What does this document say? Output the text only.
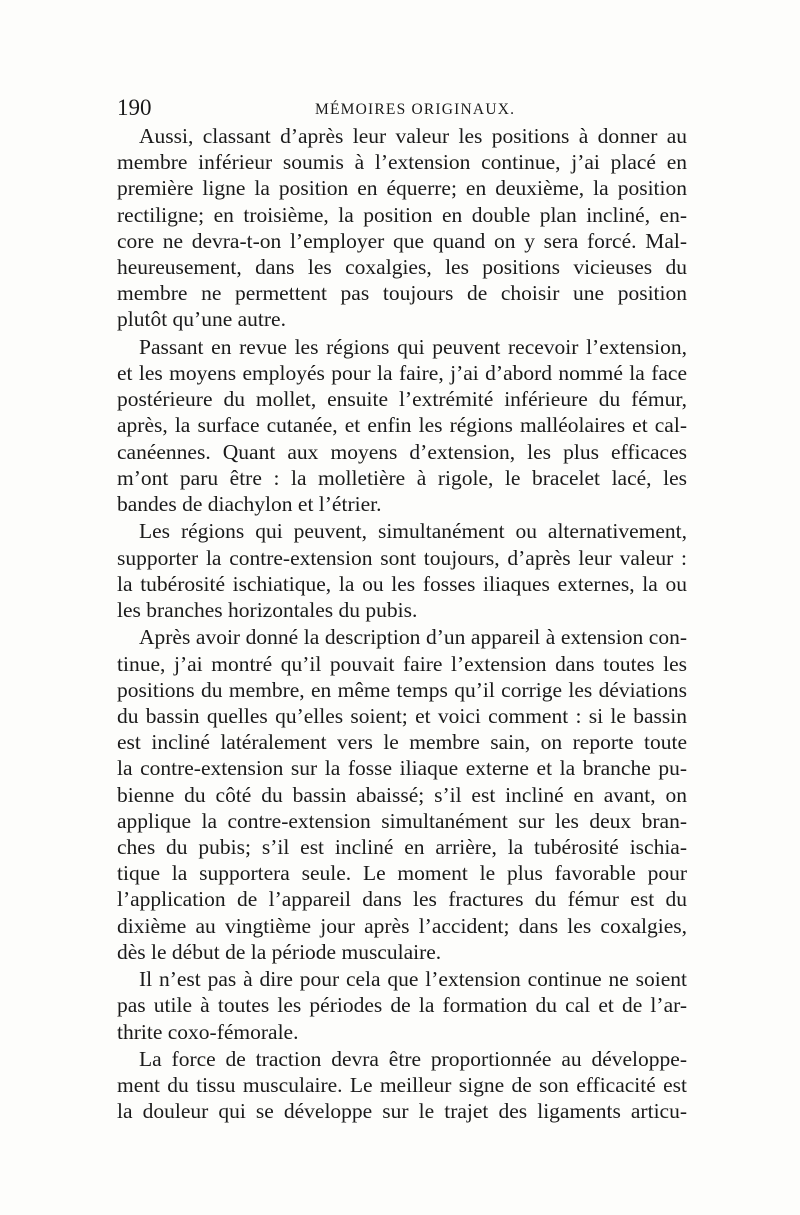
190	MÉMOIRES ORIGINAUX.
Aussi, classant d’après leur valeur les positions à donner au
membre inférieur soumis à l’extension continue, j’ai placé en
première ligne la position en équerre; en deuxième, la position
rectiligne; en troisième, la position en double plan incliné, en-
core ne devra-t-on l’employer que quand on y sera forcé. Mal-
heureusement, dans les coxalgies, les positions vicieuses du
membre ne permettent pas toujours de choisir une position
plutôt qu’une autre.
Passant en revue les régions qui peuvent recevoir l’extension,
et les moyens employés pour la faire, j’ai d’abord nommé la face
postérieure du mollet, ensuite l’extrémité inférieure du fémur,
après, la surface cutanée, et enfin les régions malléolaires et cal-
canéennes. Quant aux moyens d’extension, les plus efficaces
m’ont paru être : la molletière à rigole, le bracelet lacé, les
bandes de diachylon et l’étrier.
Les régions qui peuvent, simultanément ou alternativement,
supporter la contre-extension sont toujours, d’après leur valeur :
la tubérosité ischiatique, la ou les fosses iliaques externes, la ou
les branches horizontales du pubis.
Après avoir donné la description d’un appareil à extension con-
tinue, j’ai montré qu’il pouvait faire l’extension dans toutes les
positions du membre, en même temps qu’il corrige les déviations
du bassin quelles qu’elles soient; et voici comment : si le bassin
est incliné latéralement vers le membre sain, on reporte toute
la contre-extension sur la fosse iliaque externe et la branche pu-
bienne du côté du bassin abaissé; s’il est incliné en avant, on
applique la contre-extension simultanément sur les deux bran-
ches du pubis; s’il est incliné en arrière, la tubérosité ischia-
tique la supportera seule. Le moment le plus favorable pour
l’application de l’appareil dans les fractures du fémur est du
dixième au vingtième jour après l’accident; dans les coxalgies,
dès le début de la période musculaire.
Il n’est pas à dire pour cela que l’extension continue ne soient
pas utile à toutes les périodes de la formation du cal et de l’ar-
thrite coxo-fémorale.
La force de traction devra être proportionnée au développe-
ment du tissu musculaire. Le meilleur signe de son efficacité est
la douleur qui se développe sur le trajet des ligaments articu-
